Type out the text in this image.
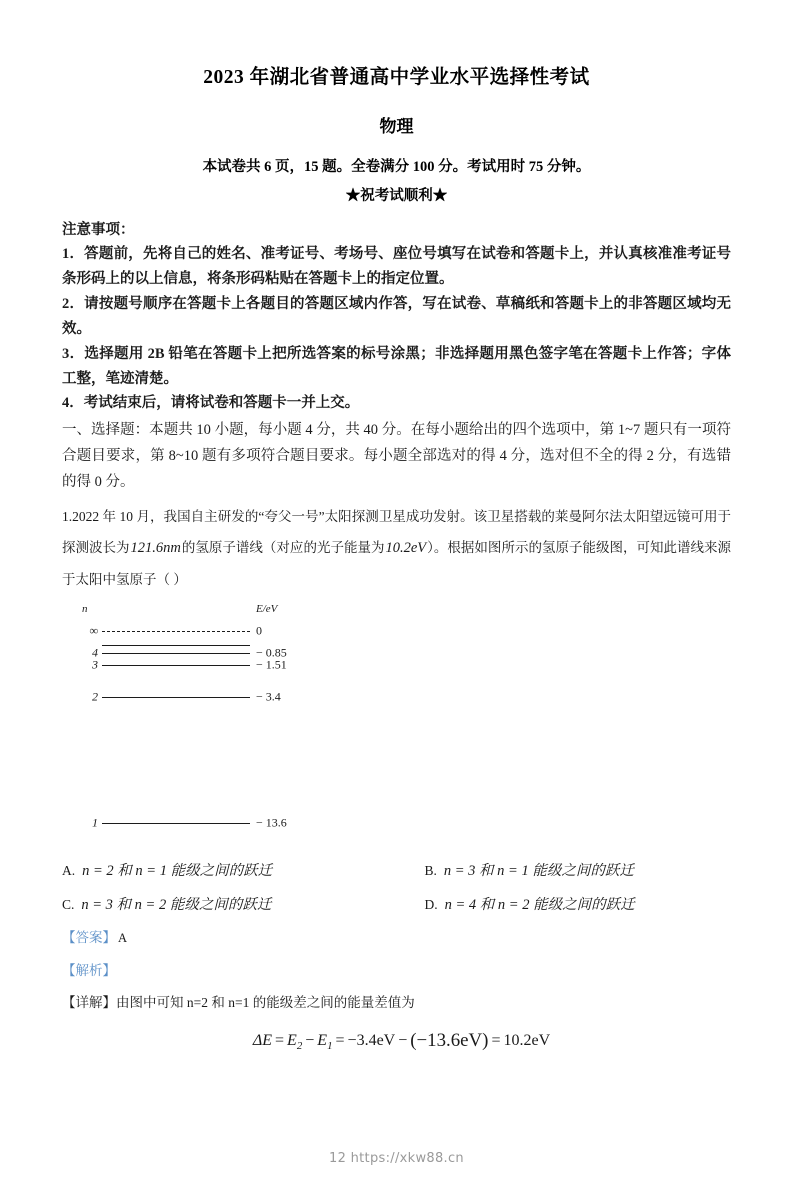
2023 年湖北省普通高中学业水平选择性考试
物理
本试卷共 6 页，15 题。全卷满分 100 分。考试用时 75 分钟。
★祝考试顺利★
注意事项：
1．答题前，先将自己的姓名、准考证号、考场号、座位号填写在试卷和答题卡上，并认真核准准考证号条形码上的以上信息，将条形码粘贴在答题卡上的指定位置。
2．请按题号顺序在答题卡上各题目的答题区域内作答，写在试卷、草稿纸和答题卡上的非答题区域均无效。
3．选择题用 2B 铅笔在答题卡上把所选答案的标号涂黑；非选择题用黑色签字笔在答题卡上作答；字体工整，笔迹清楚。
4．考试结束后，请将试卷和答题卡一并上交。
一、选择题：本题共 10 小题，每小题 4 分，共 40 分。在每小题给出的四个选项中，第 1~7 题只有一项符合题目要求，第 8~10 题有多项符合题目要求。每小题全部选对的得 4 分，选对但不全的得 2 分，有选错的得 0 分。
1.2022 年 10 月，我国自主研发的“夸父一号”太阳探测卫星成功发射。该卫星搭载的莱曼阿尔法太阳望远镜可用于探测波长为121.6nm的氢原子谱线（对应的光子能量为10.2eV）。根据如图所示的氢原子能级图，可知此谱线来源于太阳中氢原子（ ）
n	E/eV
∞	0
4	− 0.85
3	− 1.51
2	− 3.4
1	− 13.6
A. n = 2 和 n = 1 能级之间的跃迁	B. n = 3 和 n = 1 能级之间的跃迁
C. n = 3 和 n = 2 能级之间的跃迁	D. n = 4 和 n = 2 能级之间的跃迁
【答案】 A
【解析】
【详解】由图中可知 n=2 和 n=1 的能级差之间的能量差值为
$\Delta E = E_2 - E_1 = -3.4eV - (-13.6eV) = 10.2eV$
12 https://xkw88.cn
